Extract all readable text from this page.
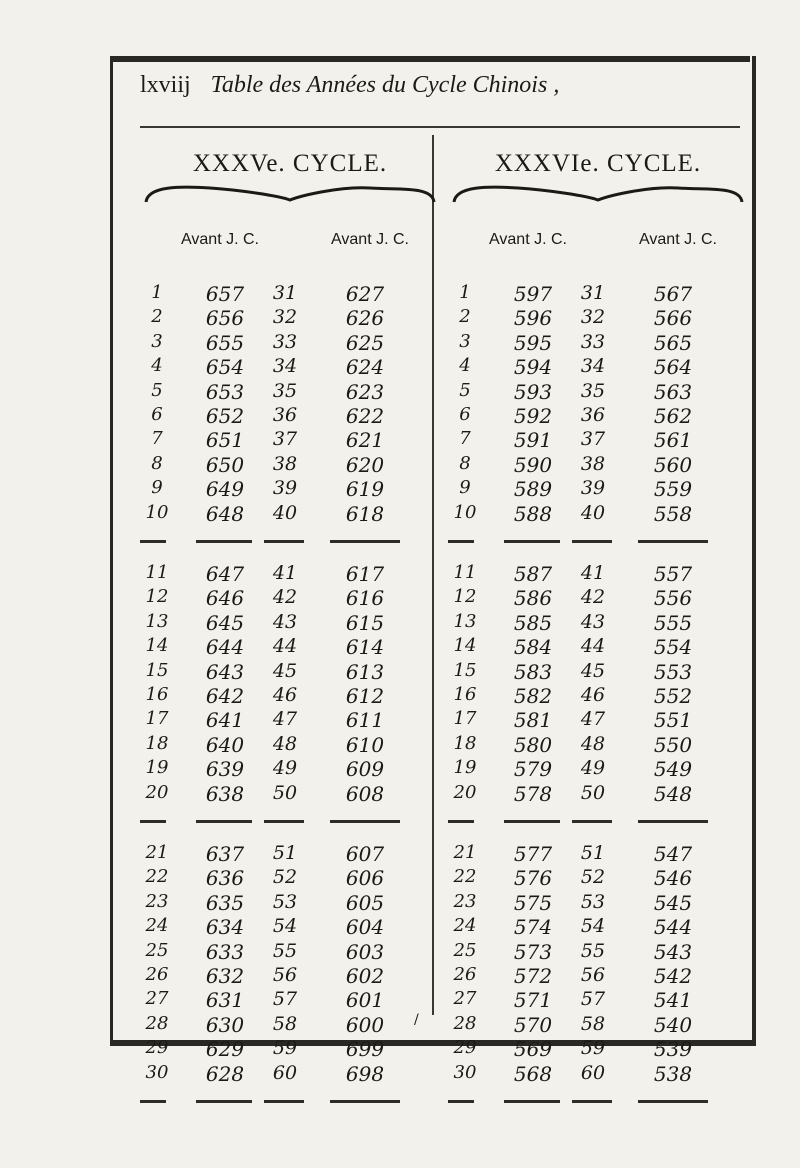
lxviij Table des Années du Cycle Chinois ,
XXXVe. CYCLE.
Avant J. C.	Avant J. C.
1	657	31	627
2	656	32	626
3	655	33	625
4	654	34	624
5	653	35	623
6	652	36	622
7	651	37	621
8	650	38	620
9	649	39	619
10	648	40	618
11	647	41	617
12	646	42	616
13	645	43	615
14	644	44	614
15	643	45	613
16	642	46	612
17	641	47	611
18	640	48	610
19	639	49	609
20	638	50	608
21	637	51	607
22	636	52	606
23	635	53	605
24	634	54	604
25	633	55	603
26	632	56	602
27	631	57	601
28	630	58	600
29	629	59	699
30	628	60	698
XXXVIe. CYCLE.
Avant J. C.	Avant J. C.
1	597	31	567
2	596	32	566
3	595	33	565
4	594	34	564
5	593	35	563
6	592	36	562
7	591	37	561
8	590	38	560
9	589	39	559
10	588	40	558
11	587	41	557
12	586	42	556
13	585	43	555
14	584	44	554
15	583	45	553
16	582	46	552
17	581	47	551
18	580	48	550
19	579	49	549
20	578	50	548
21	577	51	547
22	576	52	546
23	575	53	545
24	574	54	544
25	573	55	543
26	572	56	542
27	571	57	541
28	570	58	540
29	569	59	539
30	568	60	538
/
